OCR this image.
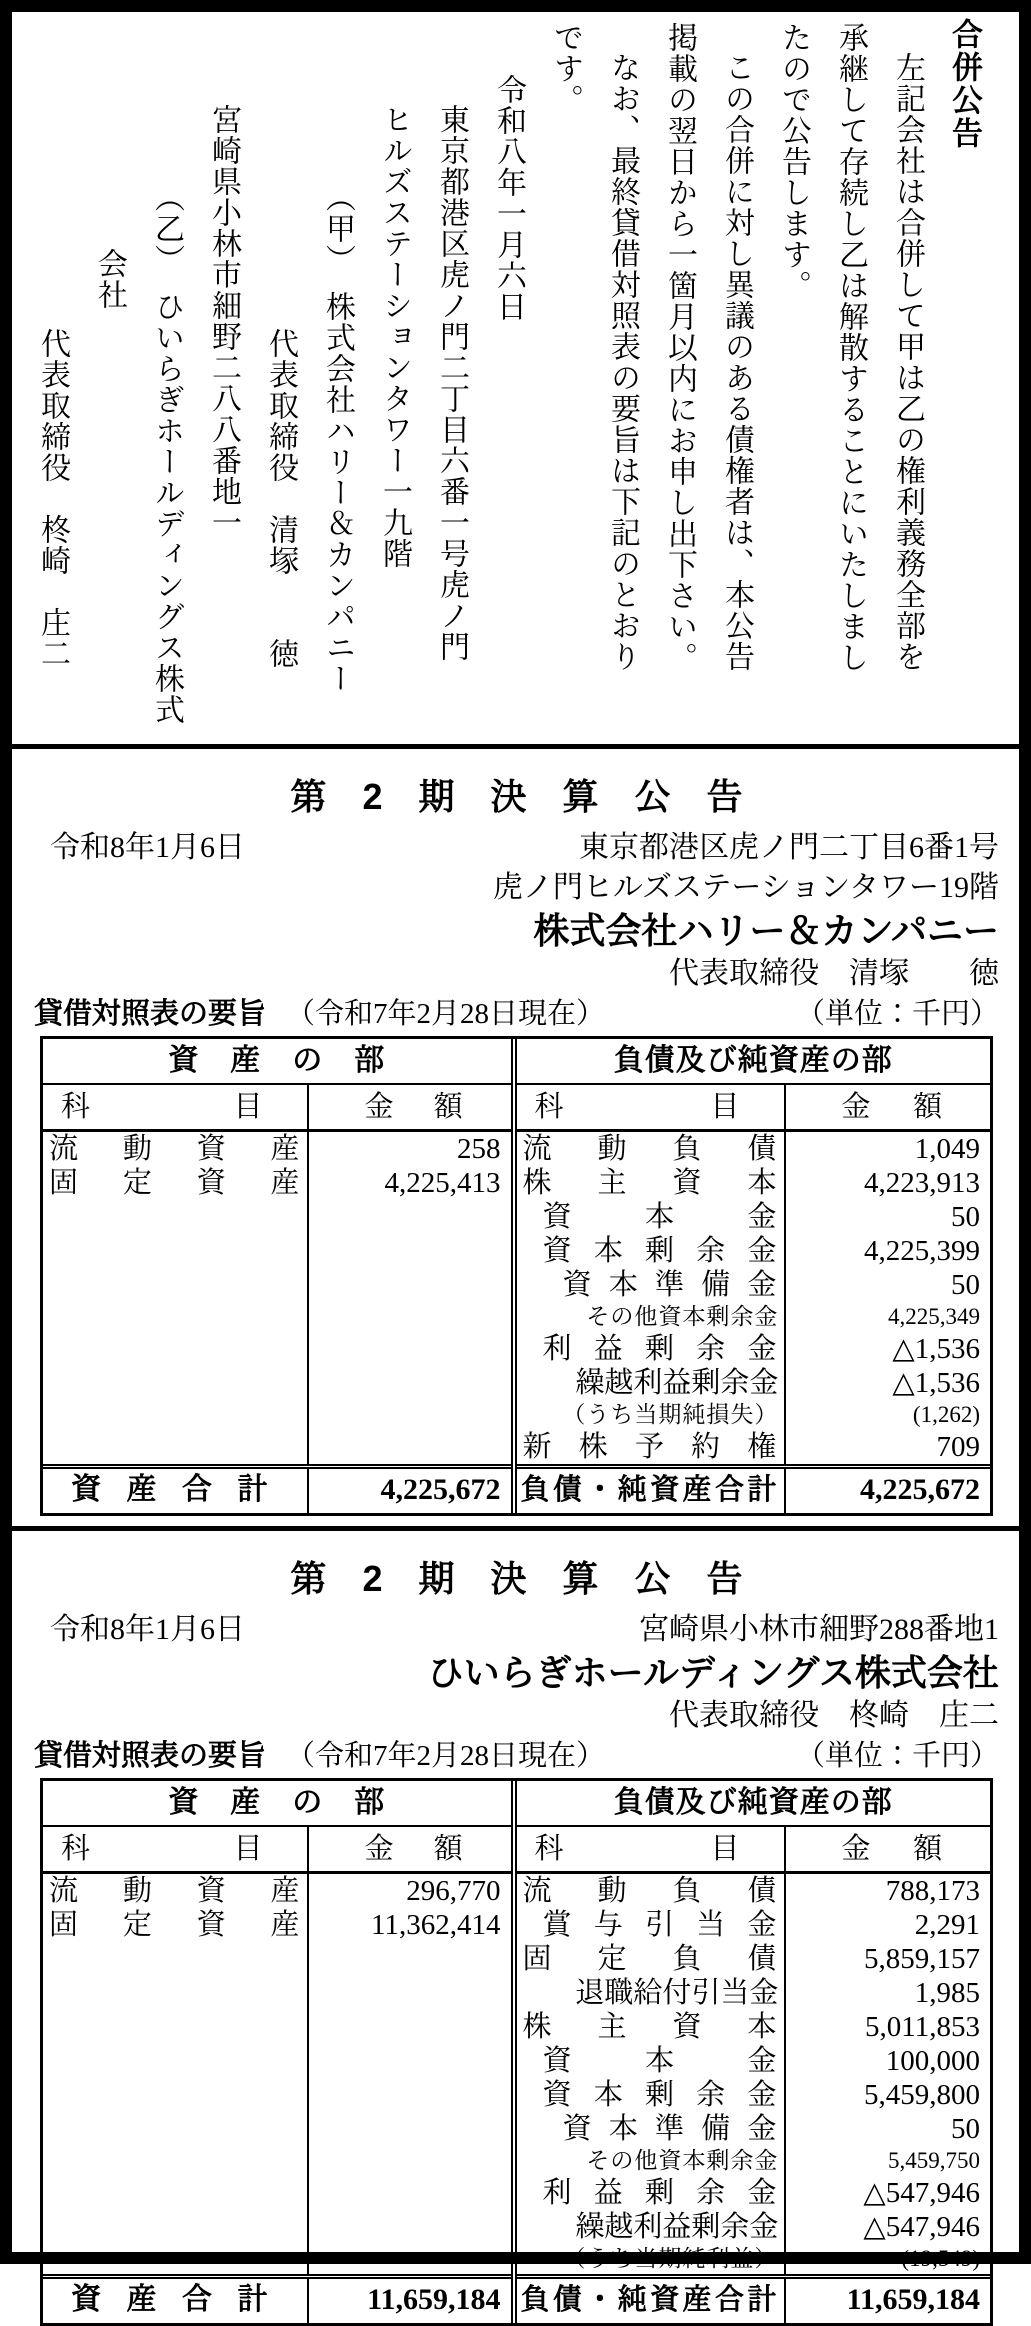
合併公告
左記会社は合併して甲は乙の権利義務全部を
承継して存続し乙は解散することにいたしまし
たので公告します。
この合併に対し異議のある債権者は、本公告
掲載の翌日から一箇月以内にお申し出下さい。
なお、最終貸借対照表の要旨は下記のとおり
です。
令和八年一月六日
東京都港区虎ノ門二丁目六番一号虎ノ門
ヒルズステーションタワー一九階
（甲）　株式会社ハリー＆カンパニー
代表取締役　清塚　　徳
宮崎県小林市細野二八八番地一
（乙）　ひいらぎホールディングス株式
会社
代表取締役　柊崎　庄二
第　2　期　決　算　公　告
令和8年1月6日	東京都港区虎ノ門二丁目6番1号
虎ノ門ヒルズステーションタワー19階
株式会社ハリー＆カンパニー
代表取締役　清塚　　徳
貸借対照表の要旨 （令和7年2月28日現在）	（単位：千円）
資　産　の　部
科 目	金 額
流 動 資 産	258
固 定 資 産	4,225,413
資 産 合 計	4,225,672
負債及び純資産の部
科 目	金 額
流 動 負 債	1,049
株 主 資 本	4,223,913
資 本 金	50
資 本 剰 余 金	4,225,399
資 本 準 備 金	50
その他資本剰余金	4,225,349
利 益 剰 余 金	△1,536
繰越利益剰余金	△1,536
（うち当期純損失）	(1,262)
新 株 予 約 権	709
負債・純資産合計	4,225,672
第　2　期　決　算　公　告
令和8年1月6日	宮崎県小林市細野288番地1
ひいらぎホールディングス株式会社
代表取締役　柊崎　庄二
貸借対照表の要旨 （令和7年2月28日現在）	（単位：千円）
資　産　の　部
科 目	金 額
流 動 資 産	296,770
固 定 資 産	11,362,414
資 産 合 計	11,659,184
負債及び純資産の部
科 目	金 額
流 動 負 債	788,173
賞 与 引 当 金	2,291
固 定 負 債	5,859,157
退職給付引当金	1,985
株 主 資 本	5,011,853
資 本 金	100,000
資 本 剰 余 金	5,459,800
資 本 準 備 金	50
その他資本剰余金	5,459,750
利 益 剰 余 金	△547,946
繰越利益剰余金	△547,946
（うち当期純利益）	(19,549)
負債・純資産合計	11,659,184
